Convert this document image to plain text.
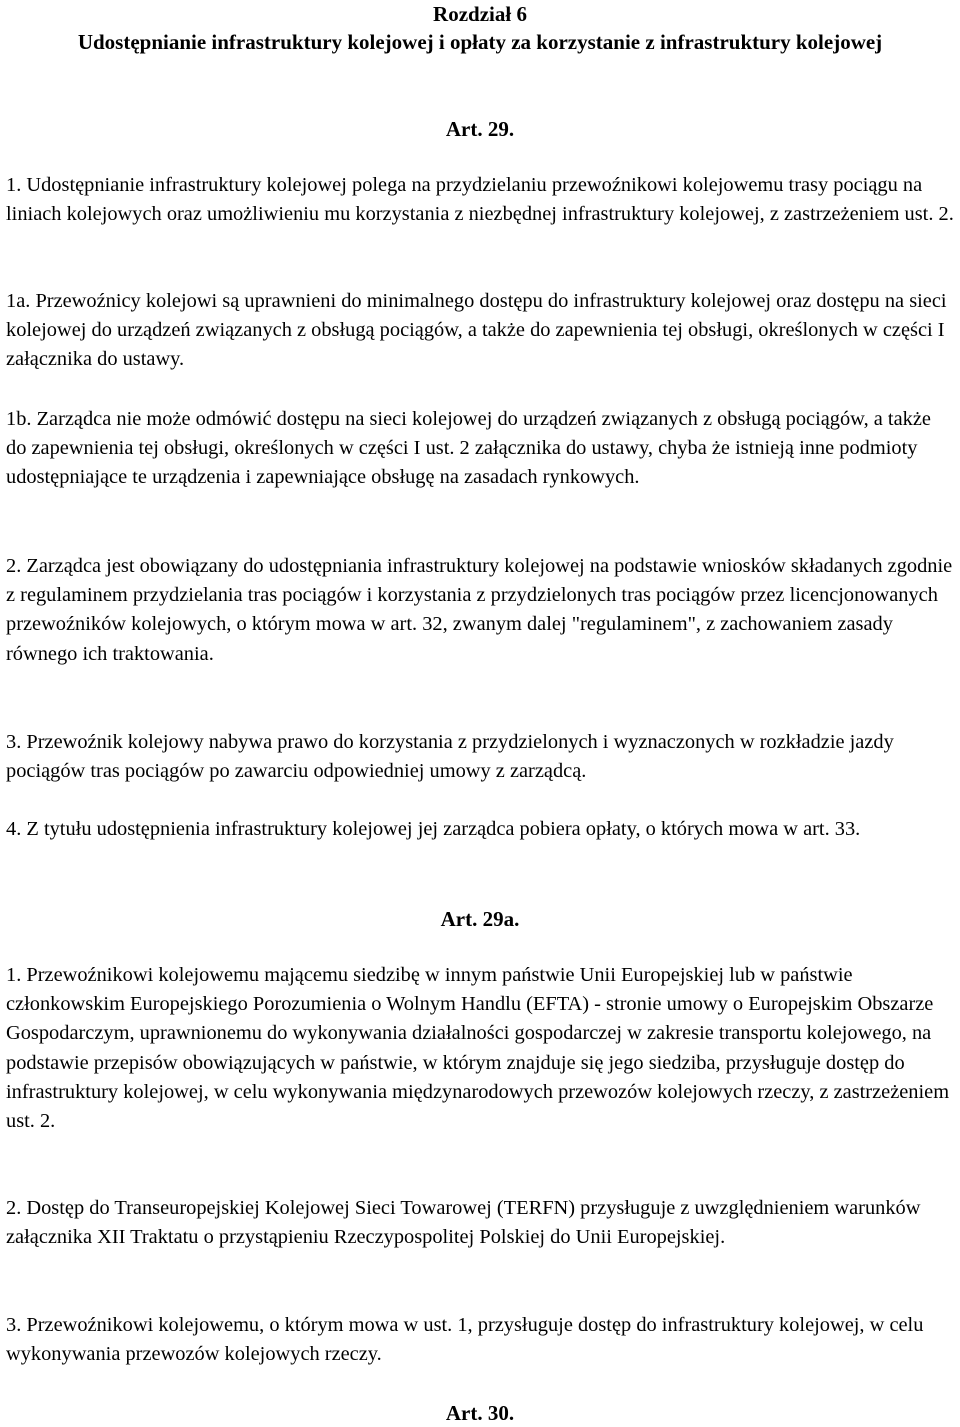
Rozdział 6
Udostępnianie infrastruktury kolejowej i opłaty za korzystanie z infrastruktury kolejowej
Art. 29.
1. Udostępnianie infrastruktury kolejowej polega na przydzielaniu przewoźnikowi kolejowemu trasy pociągu na liniach kolejowych oraz umożliwieniu mu korzystania z niezbędnej infrastruktury kolejowej, z zastrzeżeniem ust. 2.
1a. Przewoźnicy kolejowi są uprawnieni do minimalnego dostępu do infrastruktury kolejowej oraz dostępu na sieci kolejowej do urządzeń związanych z obsługą pociągów, a także do zapewnienia tej obsługi, określonych w części I załącznika do ustawy.
1b. Zarządca nie może odmówić dostępu na sieci kolejowej do urządzeń związanych z obsługą pociągów, a także do zapewnienia tej obsługi, określonych w części I ust. 2 załącznika do ustawy, chyba że istnieją inne podmioty udostępniające te urządzenia i zapewniające obsługę na zasadach rynkowych.
2. Zarządca jest obowiązany do udostępniania infrastruktury kolejowej na podstawie wniosków składanych zgodnie z regulaminem przydzielania tras pociągów i korzystania z przydzielonych tras pociągów przez licencjonowanych przewoźników kolejowych, o którym mowa w art. 32, zwanym dalej "regulaminem", z zachowaniem zasady równego ich traktowania.
3. Przewoźnik kolejowy nabywa prawo do korzystania z przydzielonych i wyznaczonych w rozkładzie jazdy pociągów tras pociągów po zawarciu odpowiedniej umowy z zarządcą.
4. Z tytułu udostępnienia infrastruktury kolejowej jej zarządca pobiera opłaty, o których mowa w art. 33.
Art. 29a.
1. Przewoźnikowi kolejowemu mającemu siedzibę w innym państwie Unii Europejskiej lub w państwie członkowskim Europejskiego Porozumienia o Wolnym Handlu (EFTA) - stronie umowy o Europejskim Obszarze Gospodarczym, uprawnionemu do wykonywania działalności gospodarczej w zakresie transportu kolejowego, na podstawie przepisów obowiązujących w państwie, w którym znajduje się jego siedziba, przysługuje dostęp do infrastruktury kolejowej, w celu wykonywania międzynarodowych przewozów kolejowych rzeczy, z zastrzeżeniem ust. 2.
2. Dostęp do Transeuropejskiej Kolejowej Sieci Towarowej (TERFN) przysługuje z uwzględnieniem warunków załącznika XII Traktatu o przystąpieniu Rzeczypospolitej Polskiej do Unii Europejskiej.
3. Przewoźnikowi kolejowemu, o którym mowa w ust. 1, przysługuje dostęp do infrastruktury kolejowej, w celu wykonywania przewozów kolejowych rzeczy.
Art. 30.
